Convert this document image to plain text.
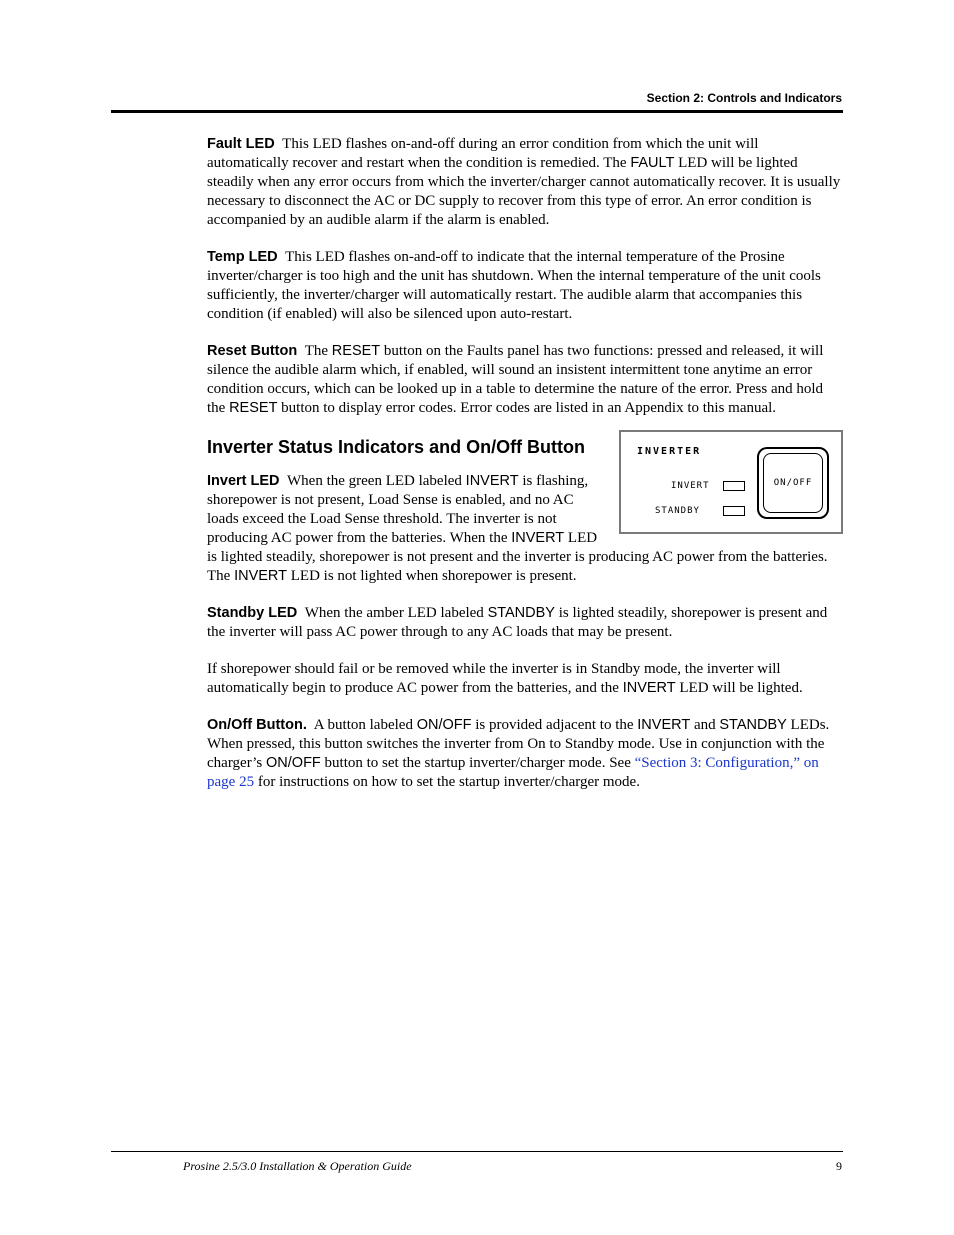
Section 2: Controls and Indicators

Fault LED This LED flashes on-and-off during an error condition from which the unit will automatically recover and restart when the condition is remedied. The FAULT LED will be lighted steadily when any error occurs from which the inverter/charger cannot automatically recover. It is usually necessary to disconnect the AC or DC supply to recover from this type of error. An error condition is accompanied by an audible alarm if the alarm is enabled.

Temp LED This LED flashes on-and-off to indicate that the internal temperature of the Prosine inverter/charger is too high and the unit has shutdown. When the internal temperature of the unit cools sufficiently, the inverter/charger will automatically restart. The audible alarm that accompanies this condition (if enabled) will also be silenced upon auto-restart.

Reset Button The RESET button on the Faults panel has two functions: pressed and released, it will silence the audible alarm which, if enabled, will sound an insistent intermittent tone anytime an error condition occurs, which can be looked up in a table to determine the nature of the error. Press and hold the RESET button to display error codes. Error codes are listed in an Appendix to this manual.

INVERTER
INVERT
STANDBY
ON/OFF
Inverter Status Indicators and On/Off Button

Invert LED When the green LED labeled INVERT is flashing, shorepower is not present, Load Sense is enabled, and no AC loads exceed the Load Sense threshold. The inverter is not producing AC power from the batteries. When the INVERT LED is lighted steadily, shorepower is not present and the inverter is producing AC power from the batteries. The INVERT LED is not lighted when shorepower is present.

Standby LED When the amber LED labeled STANDBY is lighted steadily, shorepower is present and the inverter will pass AC power through to any AC loads that may be present.

If shorepower should fail or be removed while the inverter is in Standby mode, the inverter will automatically begin to produce AC power from the batteries, and the INVERT LED will be lighted.

On/Off Button. A button labeled ON/OFF is provided adjacent to the INVERT and STANDBY LEDs. When pressed, this button switches the inverter from On to Standby mode. Use in conjunction with the charger’s ON/OFF button to set the startup inverter/charger mode. See “Section 3: Configuration,” on page 25 for instructions on how to set the startup inverter/charger mode.

Prosine 2.5/3.0 Installation & Operation Guide	9
